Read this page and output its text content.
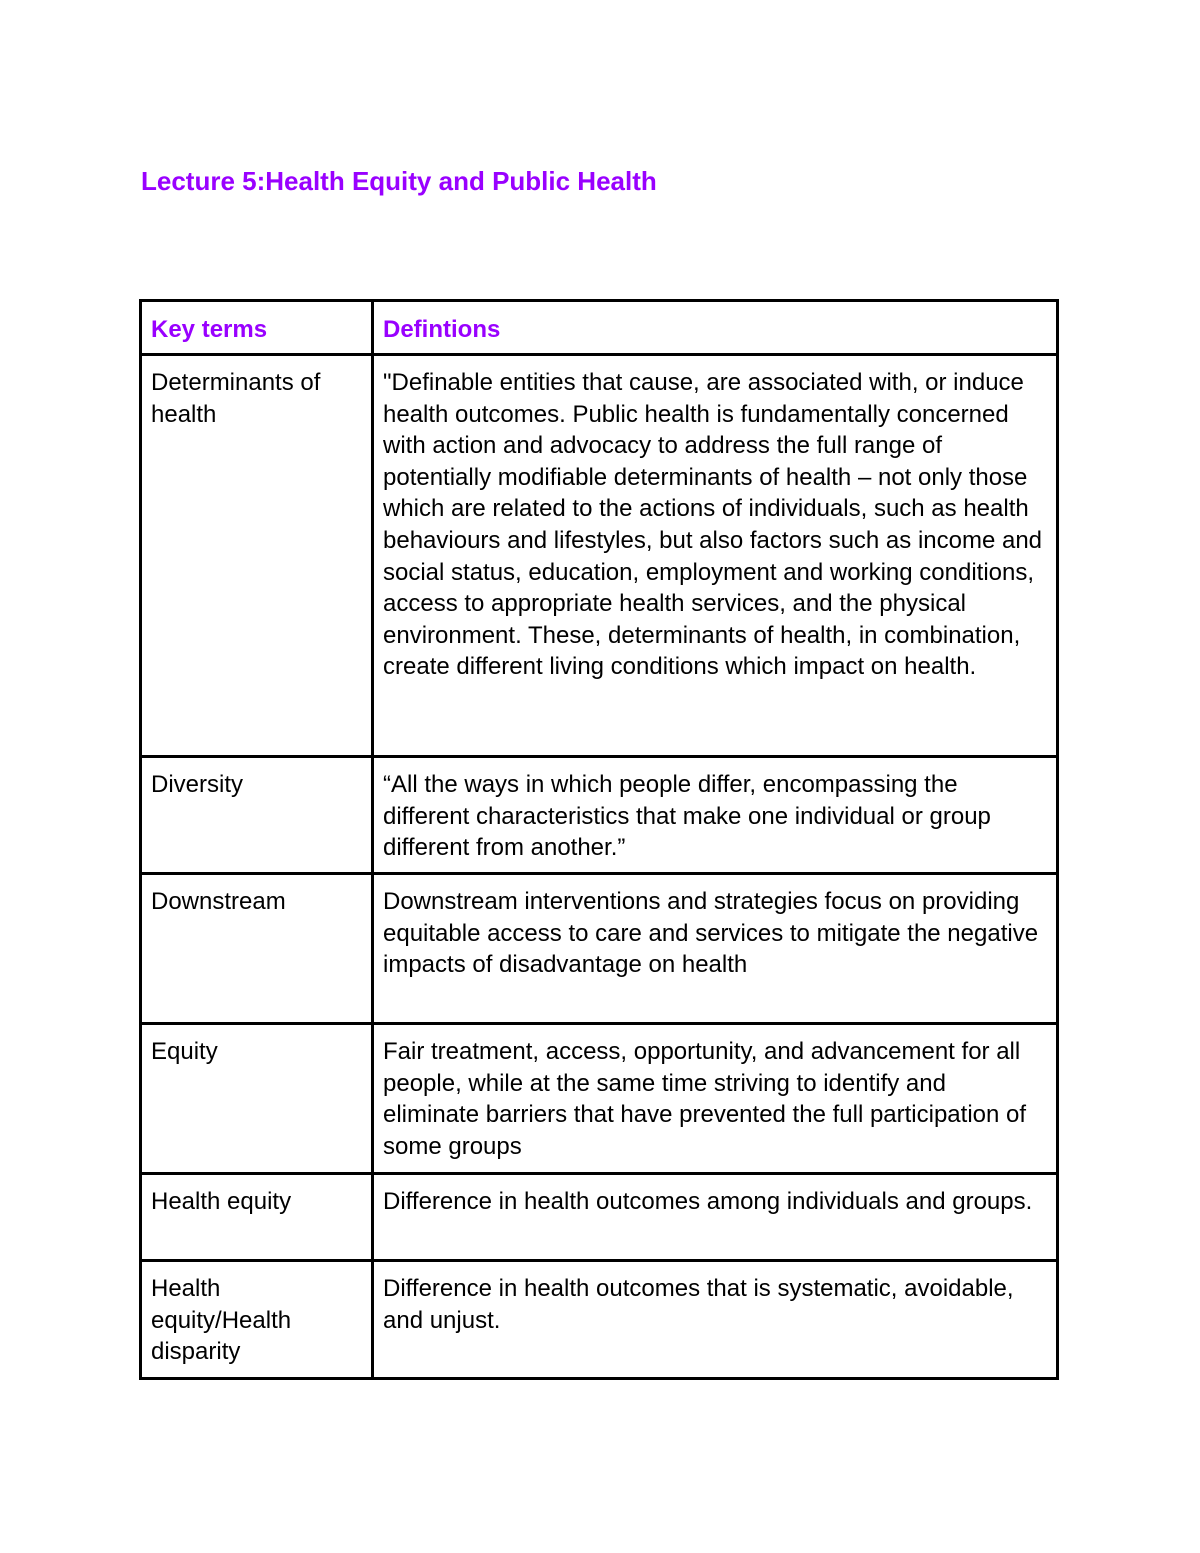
Lecture 5:Health Equity and Public Health
Key terms	Defintions
Determinants of health	"Definable entities that cause, are associated with, or induce health outcomes. Public health is fundamentally concerned with action and advocacy to address the full range of potentially modifiable determinants of health – not only those which are related to the actions of individuals, such as health behaviours and lifestyles, but also factors such as income and social status, education, employment and working conditions, access to appropriate health services, and the physical environment. These, determinants of health, in combination, create different living conditions which impact on health.
Diversity	“All the ways in which people differ, encompassing the different characteristics that make one individual or group different from another.”
Downstream	Downstream interventions and strategies focus on providing equitable access to care and services to mitigate the negative impacts of disadvantage on health
Equity	Fair treatment, access, opportunity, and advancement for all people, while at the same time striving to identify and eliminate barriers that have prevented the full participation of some groups
Health equity	Difference in health outcomes among individuals and groups.
Health equity/Health disparity	Difference in health outcomes that is systematic, avoidable, and unjust.
